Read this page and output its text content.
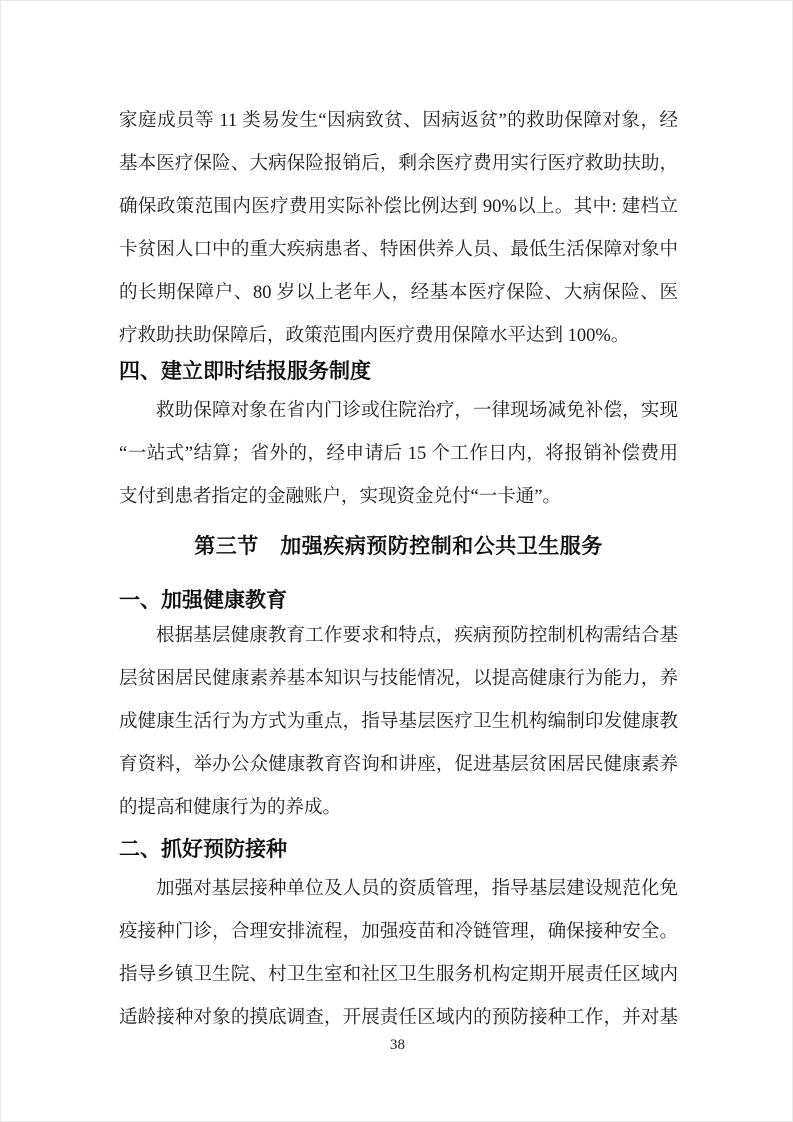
家庭成员等 11 类易发生“因病致贫、因病返贫”的救助保障对象，经
基本医疗保险、大病保险报销后，剩余医疗费用实行医疗救助扶助，
确保政策范围内医疗费用实际补偿比例达到 90%以上。其中: 建档立
卡贫困人口中的重大疾病患者、特困供养人员、最低生活保障对象中
的长期保障户、80 岁以上老年人，经基本医疗保险、大病保险、医
疗救助扶助保障后，政策范围内医疗费用保障水平达到 100%。
四、建立即时结报服务制度
救助保障对象在省内门诊或住院治疗，一律现场减免补偿，实现
“一站式”结算；省外的，经申请后 15 个工作日内，将报销补偿费用
支付到患者指定的金融账户，实现资金兑付“一卡通”。
第三节　加强疾病预防控制和公共卫生服务
一、加强健康教育
根据基层健康教育工作要求和特点，疾病预防控制机构需结合基
层贫困居民健康素养基本知识与技能情况，以提高健康行为能力，养
成健康生活行为方式为重点，指导基层医疗卫生机构编制印发健康教
育资料，举办公众健康教育咨询和讲座，促进基层贫困居民健康素养
的提高和健康行为的养成。
二、抓好预防接种
加强对基层接种单位及人员的资质管理，指导基层建设规范化免
疫接种门诊，合理安排流程，加强疫苗和冷链管理，确保接种安全。
指导乡镇卫生院、村卫生室和社区卫生服务机构定期开展责任区域内
适龄接种对象的摸底调查，开展责任区域内的预防接种工作，并对基
38
